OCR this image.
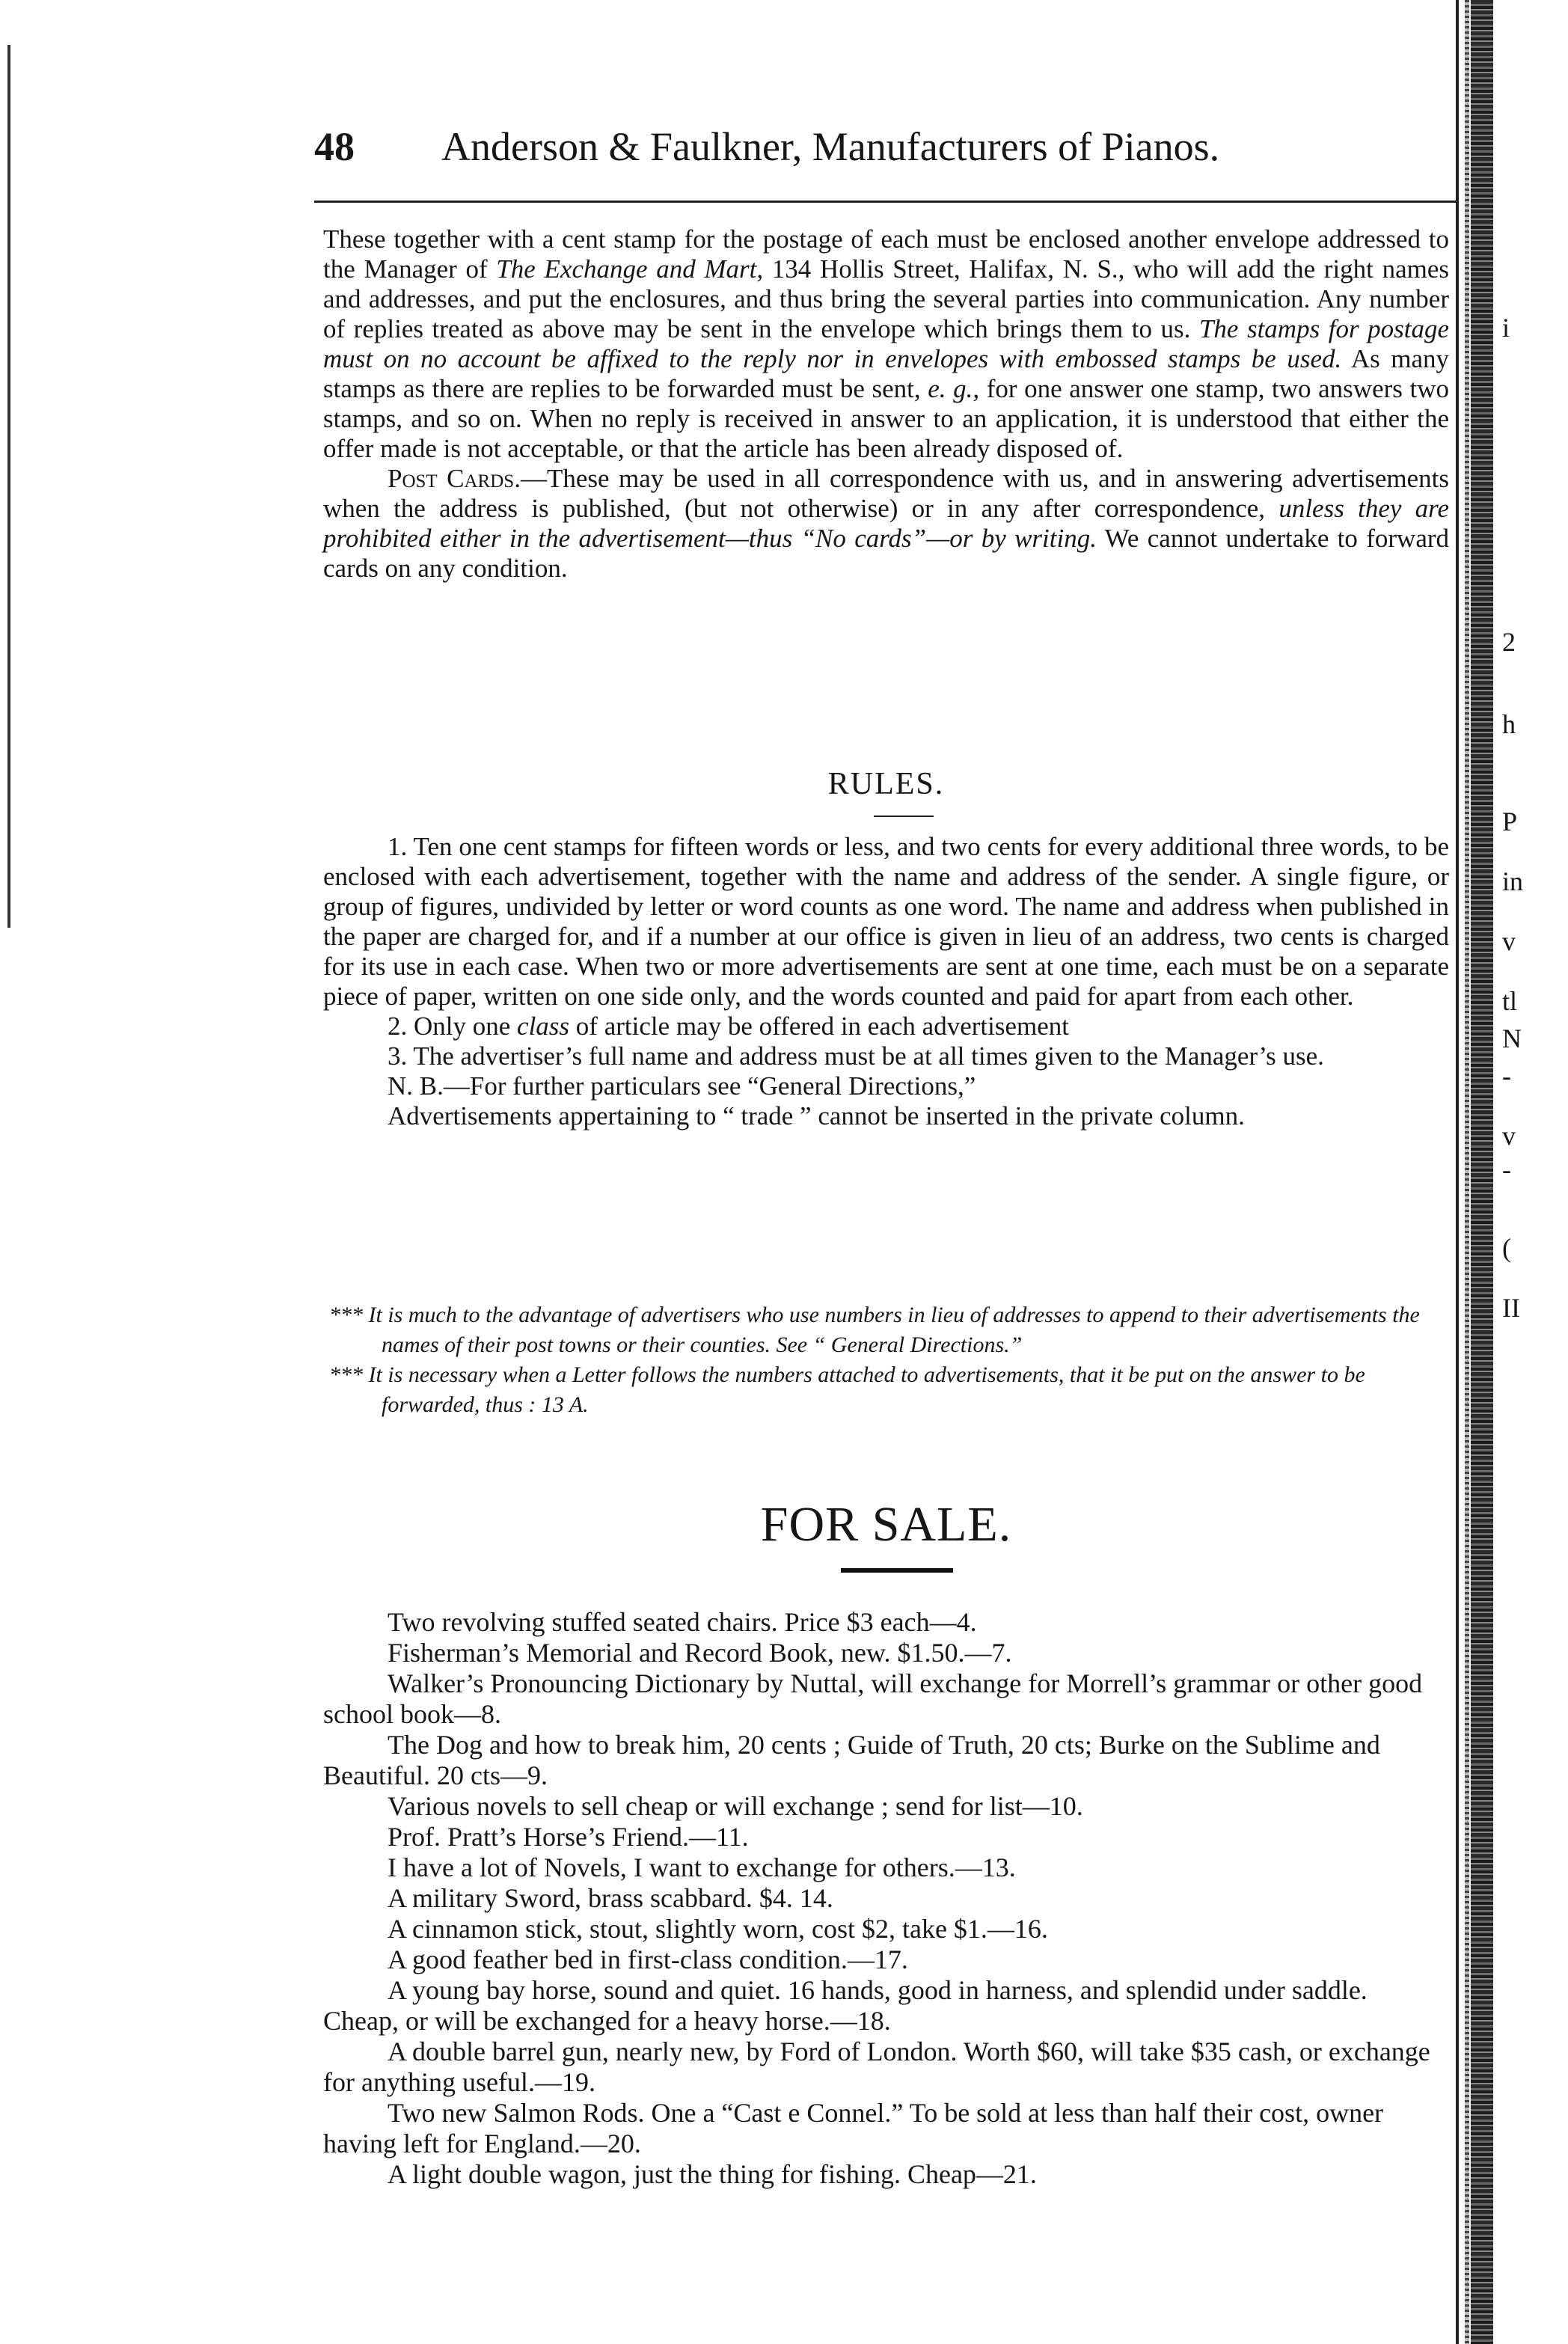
48 Anderson & Faulkner, Manufacturers of Pianos.

These together with a cent stamp for the postage of each must be enclosed another envelope addressed to the Manager of The Exchange and Mart, 134 Hollis Street, Halifax, N. S., who will add the right names and addresses, and put the enclosures, and thus bring the several parties into communication. Any number of replies treated as above may be sent in the envelope which brings them to us. The stamps for postage must on no account be affixed to the reply nor in envelopes with embossed stamps be used. As many stamps as there are replies to be forwarded must be sent, e. g., for one answer one stamp, two answers two stamps, and so on. When no reply is received in answer to an application, it is understood that either the offer made is not acceptable, or that the article has been already disposed of.

Post Cards.—These may be used in all correspondence with us, and in answering advertisements when the address is published, (but not otherwise) or in any after correspondence, unless they are prohibited either in the advertisement—thus “No cards”—or by writing. We cannot undertake to forward cards on any condition.

RULES.

1. Ten one cent stamps for fifteen words or less, and two cents for every additional three words, to be enclosed with each advertisement, together with the name and address of the sender. A single figure, or group of figures, undivided by letter or word counts as one word. The name and address when published in the paper are charged for, and if a number at our office is given in lieu of an address, two cents is charged for its use in each case. When two or more advertisements are sent at one time, each must be on a separate piece of paper, written on one side only, and the words counted and paid for apart from each other.

2. Only one class of article may be offered in each advertisement

3. The advertiser’s full name and address must be at all times given to the Manager’s use.

N. B.—For further particulars see “General Directions,”

Advertisements appertaining to “ trade ” cannot be inserted in the private column.

*** It is much to the advantage of advertisers who use numbers in lieu of addresses to append to their advertisements the names of their post towns or their counties. See “ General Directions.”

*** It is necessary when a Letter follows the numbers attached to advertisements, that it be put on the answer to be forwarded, thus : 13 A.

FOR SALE.

Two revolving stuffed seated chairs. Price $3 each—4.

Fisherman’s Memorial and Record Book, new. $1.50.—7.

Walker’s Pronouncing Dictionary by Nuttal, will exchange for Morrell’s grammar or other good school book—8.

The Dog and how to break him, 20 cents ; Guide of Truth, 20 cts; Burke on the Sublime and Beautiful. 20 cts—9.

Various novels to sell cheap or will exchange ; send for list—10.

Prof. Pratt’s Horse’s Friend.—11.

I have a lot of Novels, I want to exchange for others.—13.

A military Sword, brass scabbard. $4. 14.

A cinnamon stick, stout, slightly worn, cost $2, take $1.—16.

A good feather bed in first-class condition.—17.

A young bay horse, sound and quiet. 16 hands, good in harness, and splendid under saddle. Cheap, or will be exchanged for a heavy horse.—18.

A double barrel gun, nearly new, by Ford of London. Worth $60, will take $35 cash, or exchange for anything useful.—19.

Two new Salmon Rods. One a “Cast e Connel.” To be sold at less than half their cost, owner having left for England.—20.

A light double wagon, just the thing for fishing. Cheap—21.

i
2
h
P
in
v
tl
N
-
v
-
(
II
